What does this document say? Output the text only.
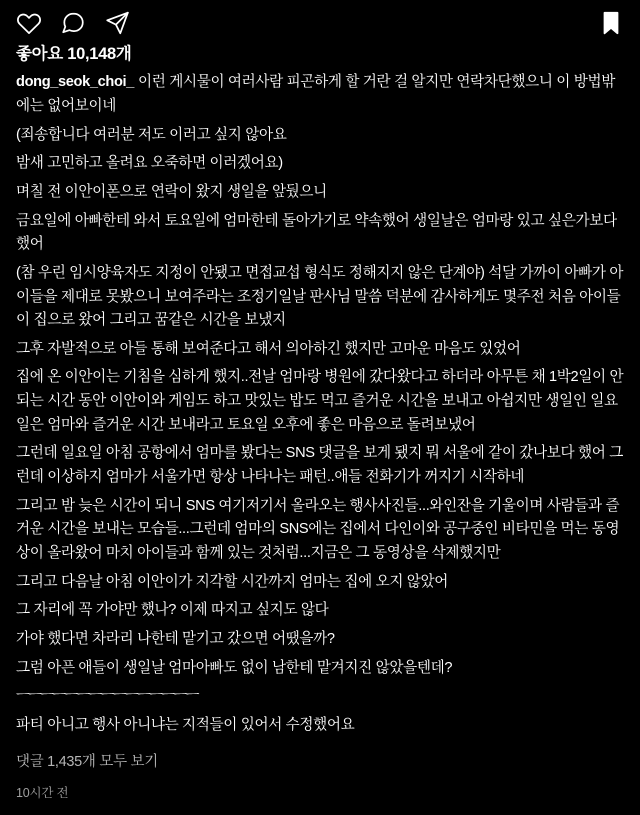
좋아요 10,148개

dong_seok_choi_ 이런 게시물이 여러사람 피곤하게 할 거란 걸 알지만 연락차단했으니 이 방법밖에는 없어보이네

(죄송합니다 여러분 저도 이러고 싶지 않아요

밤새 고민하고 올려요 오죽하면 이러겠어요)

며칠 전 이안이폰으로 연락이 왔지 생일을 앞뒀으니

금요일에 아빠한테 와서 토요일에 엄마한테 돌아가기로 약속했어 생일날은 엄마랑 있고 싶은가보다 했어

(참 우린 임시양육자도 지정이 안됐고 면접교섭 형식도 정해지지 않은 단계야) 석달 가까이 아빠가 아이들을 제대로 못봤으니 보여주라는 조정기일날 판사님 말씀 덕분에 감사하게도 몇주전 처음 아이들이 집으로 왔어 그리고 꿈같은 시간을 보냈지

그후 자발적으로 아들 통해 보여준다고 해서 의아하긴 했지만 고마운 마음도 있었어

집에 온 이안이는 기침을 심하게 했지..전날 엄마랑 병원에 갔다왔다고 하더라 아무튼 채 1박2일이 안 되는 시간 동안 이안이와 게임도 하고 맛있는 밥도 먹고 즐거운 시간을 보내고 아쉽지만 생일인 일요일은 엄마와 즐거운 시간 보내라고 토요일 오후에 좋은 마음으로 돌려보냈어

그런데 일요일 아침 공항에서 엄마를 봤다는 SNS 댓글을 보게 됐지 뭐 서울에 같이 갔나보다 했어 그런데 이상하지 엄마가 서울가면 항상 나타나는 패턴..애들 전화기가 꺼지기 시작하네

그리고 밤 늦은 시간이 되니 SNS 여기저기서 올라오는 행사사진들...와인잔을 기울이며 사람들과 즐거운 시간을 보내는 모습들...그런데 엄마의 SNS에는 집에서 다인이와 공구중인 비타민을 먹는 동영상이 올라왔어 마치 아이들과 함께 있는 것처럼...지금은 그 동영상을 삭제했지만

그리고 다음날 아침 이안이가 지각할 시간까지 엄마는 집에 오지 않았어

그 자리에 꼭 가야만 했나? 이제 따지고 싶지도 않다

가야 했다면 차라리 나한테 맡기고 갔으면 어땠을까?

그럼 아픈 애들이 생일날 엄마아빠도 없이 남한테 맡겨지진 않았을텐데?

ㅡㅡㅡㅡㅡㅡㅡㅡㅡㅡㅡㅡㅡㅡㅡ

파티 아니고 행사 아니냐는 지적들이 있어서 수정했어요

댓글 1,435개 모두 보기
10시간 전
